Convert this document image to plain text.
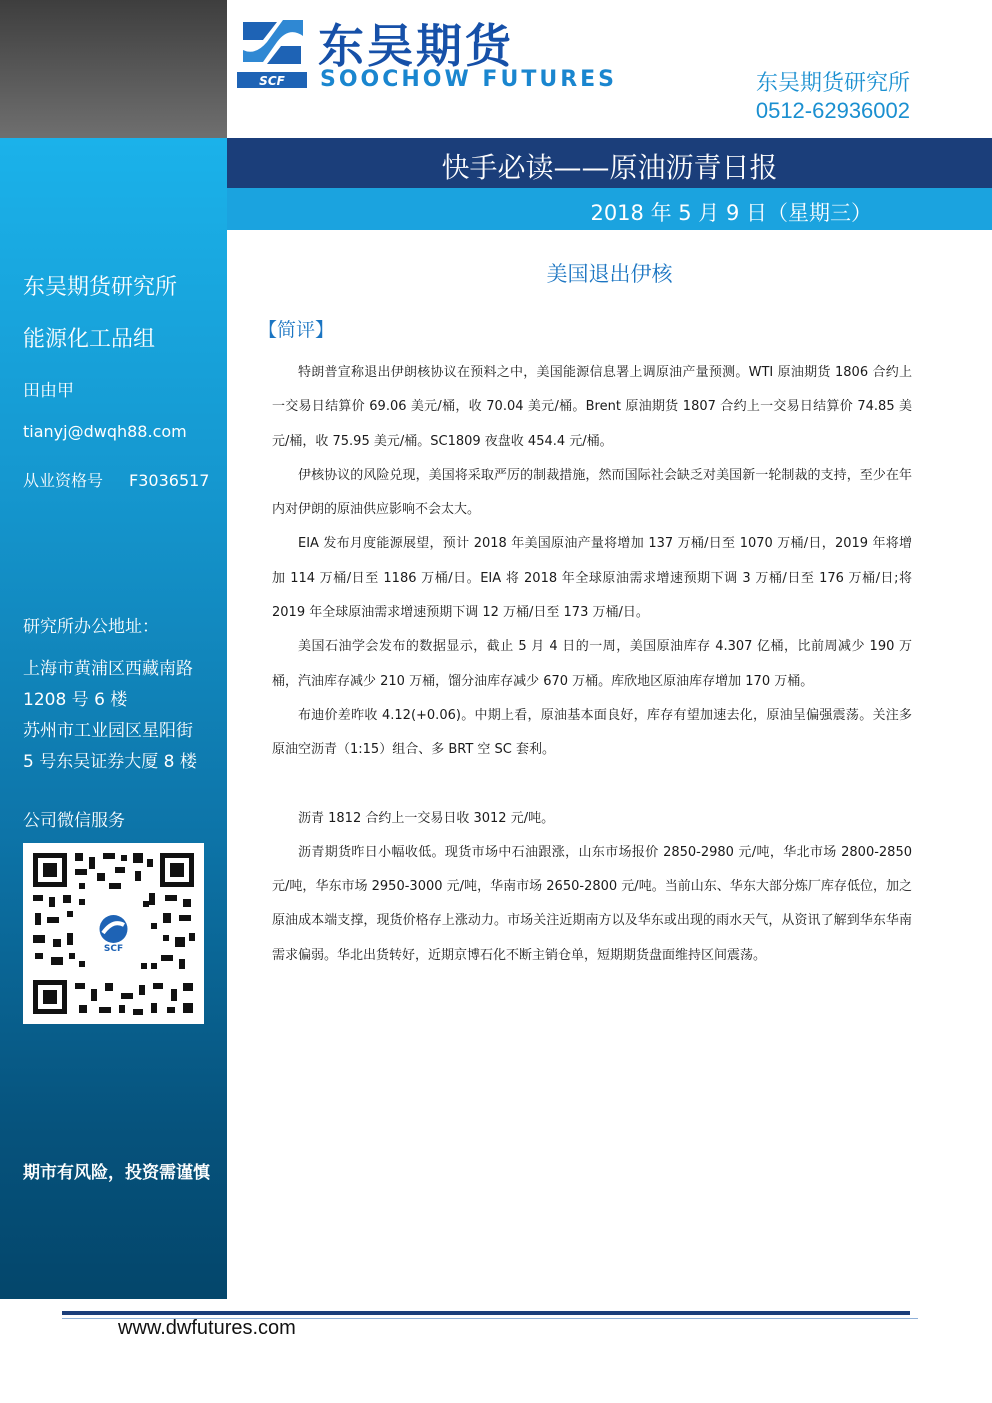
东吴期货研究所
能源化工品组
田由甲
tianyj@dwqh88.com
从业资格号 F3036517
研究所办公地址：
上海市黄浦区西藏南路
1208 号 6 楼
苏州市工业园区星阳街
5 号东吴证券大厦 8 楼
公司微信服务
SCF
期市有风险，投资需谨慎
SCF
东吴期货
SOOCHOW FUTURES	东吴期货研究所
0512-62936002
快手必读——原油沥青日报
2018 年 5 月 9 日（星期三）
美国退出伊核
【简评】

特朗普宣称退出伊朗核协议在预料之中，美国能源信息署上调原油产量预测。WTI 原油期货 1806 合约上一交易日结算价 69.06 美元/桶，收 70.04 美元/桶。Brent 原油期货 1807 合约上一交易日结算价 74.85 美元/桶，收 75.95 美元/桶。SC1809 夜盘收 454.4 元/桶。

伊核协议的风险兑现，美国将采取严厉的制裁措施，然而国际社会缺乏对美国新一轮制裁的支持，至少在年内对伊朗的原油供应影响不会太大。

EIA 发布月度能源展望，预计 2018 年美国原油产量将增加 137 万桶/日至 1070 万桶/日，2019 年将增加 114 万桶/日至 1186 万桶/日。EIA 将 2018 年全球原油需求增速预期下调 3 万桶/日至 176 万桶/日;将 2019 年全球原油需求增速预期下调 12 万桶/日至 173 万桶/日。

美国石油学会发布的数据显示，截止 5 月 4 日的一周，美国原油库存 4.307 亿桶，比前周减少 190 万桶，汽油库存减少 210 万桶，馏分油库存减少 670 万桶。库欣地区原油库存增加 170 万桶。

布迪价差昨收 4.12(+0.06)。中期上看，原油基本面良好，库存有望加速去化，原油呈偏强震荡。关注多原油空沥青（1:15）组合、多 BRT 空 SC 套利。

沥青 1812 合约上一交易日收 3012 元/吨。

沥青期货昨日小幅收低。现货市场中石油跟涨，山东市场报价 2850-2980 元/吨，华北市场 2800-2850 元/吨，华东市场 2950-3000 元/吨，华南市场 2650-2800 元/吨。当前山东、华东大部分炼厂库存低位，加之原油成本端支撑，现货价格存上涨动力。市场关注近期南方以及华东或出现的雨水天气，从资讯了解到华东华南需求偏弱。华北出货转好，近期京博石化不断主销仓单，短期期货盘面维持区间震荡。

www.dwfutures.com
